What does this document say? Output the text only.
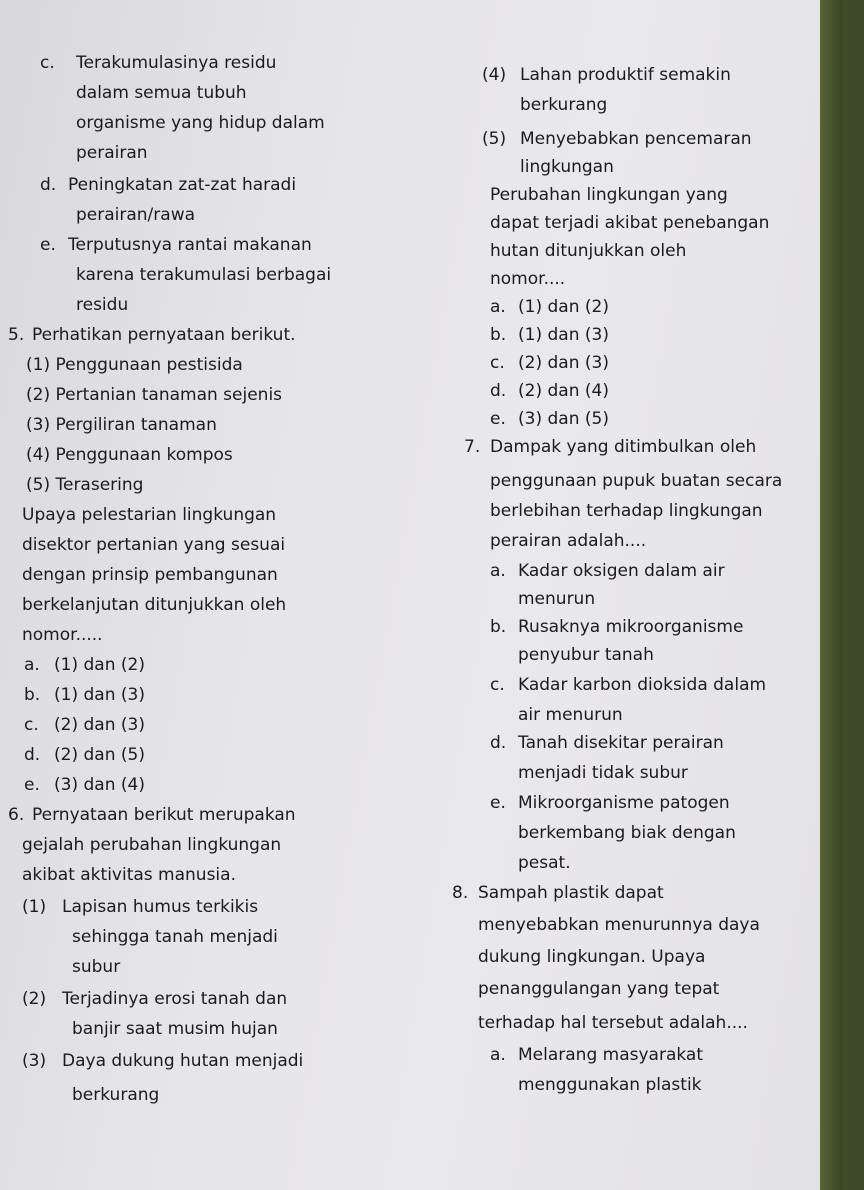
c. Terakumulasinya residu
dalam semua tubuh
organisme yang hidup dalam
perairan
d. Peningkatan zat-zat haradi
perairan/rawa
e. Terputusnya rantai makanan
karena terakumulasi berbagai
residu
5. Perhatikan pernyataan berikut.
(1) Penggunaan pestisida
(2) Pertanian tanaman sejenis
(3) Pergiliran tanaman
(4) Penggunaan kompos
(5) Terasering
Upaya pelestarian lingkungan
disektor pertanian yang sesuai
dengan prinsip pembangunan
berkelanjutan ditunjukkan oleh
nomor.....
a. (1) dan (2)
b. (1) dan (3)
c. (2) dan (3)
d. (2) dan (5)
e. (3) dan (4)
6. Pernyataan berikut merupakan
gejalah perubahan lingkungan
akibat aktivitas manusia.
(1) Lapisan humus terkikis
sehingga tanah menjadi
subur
(2) Terjadinya erosi tanah dan
banjir saat musim hujan
(3) Daya dukung hutan menjadi
berkurang
(4) Lahan produktif semakin
berkurang
(5) Menyebabkan pencemaran
lingkungan
Perubahan lingkungan yang
dapat terjadi akibat penebangan
hutan ditunjukkan oleh
nomor....
a. (1) dan (2)
b. (1) dan (3)
c. (2) dan (3)
d. (2) dan (4)
e. (3) dan (5)
7. Dampak yang ditimbulkan oleh
penggunaan pupuk buatan secara
berlebihan terhadap lingkungan
perairan adalah....
a. Kadar oksigen dalam air
menurun
b. Rusaknya mikroorganisme
penyubur tanah
c. Kadar karbon dioksida dalam
air menurun
d. Tanah disekitar perairan
menjadi tidak subur
e. Mikroorganisme patogen
berkembang biak dengan
pesat.
8. Sampah plastik dapat
menyebabkan menurunnya daya
dukung lingkungan. Upaya
penanggulangan yang tepat
terhadap hal tersebut adalah....
a. Melarang masyarakat
menggunakan plastik
